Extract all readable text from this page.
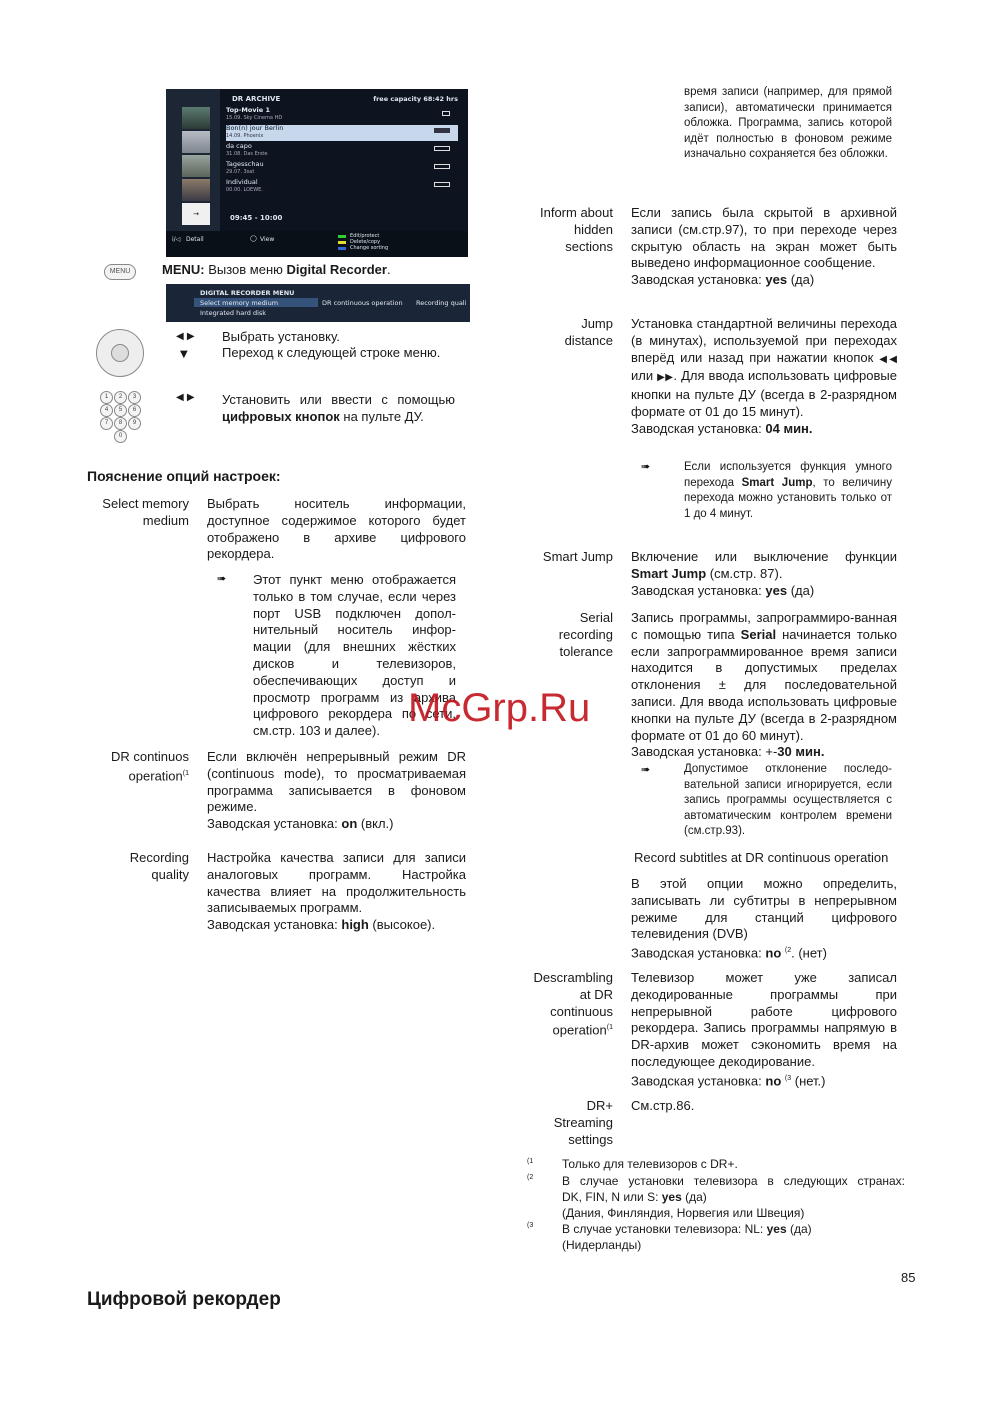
→
DR ARCHIVE	free capacity 68:42 hrs
Top-Movie 1
15.09. Sky Cinema HD
Bon(n) jour Berlin
14.09. Phoenix
da capo
31.08. Das Erste
Tagesschau
29.07. 3sat
Individual
00.00. LOEWE.
09:45 - 10:00
i/◁ Detail	◯ View	Edit/protect
Delete/copy
Change sorting
MENU	MENU: Вызов меню Digital Recorder.
DIGITAL RECORDER MENU
Select memory medium
Integrated hard disk
DR continuous operation Recording quali
◀ ▶
▼
Выбрать установку.
Переход к следующей строке меню.
1	2	3
4	5	6
7	8	9
0
◀ ▶ Установить или ввести с помощью
цифровых кнопок на пульте ДУ.
Пояснение опций настроек:
Select memory
medium
Выбрать носитель информации, доступное содержимое которого будет отображено в архиве цифрового рекордера.
➠ Этот пункт меню отображается только в том случае, если через порт USB подключен допол-нительный носитель инфор-мации (для внешних жёстких дисков и телевизоров, обеспечивающих доступ и просмотр программ из архива цифрового рекордера по сети, см.стр. 103 и далее).
DR continuos
operation$^{(1}$
Если включён непрерывный режим DR (continuous mode), то просматриваемая программа записывается в фоновом режиме.
Заводская установка: on (вкл.)
Recording
quality
Настройка качества записи для записи аналоговых программ. Настройка качества влияет на продолжительность записываемых программ.
Заводская установка: high (высокое).
время записи (например, для прямой записи), автоматически принимается обложка. Программа, запись которой идёт полностью в фоновом режиме изначально сохраняется без обложки.
Inform about
hidden
sections
Если запись была скрытой в архивной записи (см.стр.97), то при переходе через скрытую область на экран может быть выведено информационное сообщение.
Заводская установка: yes (да)
Jump
distance
Установка стандартной величины перехода (в минутах), используемой при переходах вперёд или назад при нажатии кнопок ◀◀ или ▶▶. Для ввода использовать цифровые кнопки на пульте ДУ (всегда в 2-разрядном формате от 01 до 15 минут).
Заводская установка: 04 мин.
➠	Если используется функция умного перехода Smart Jump, то величину перехода можно установить только от 1 до 4 минут.
Smart Jump Включение или выключение функции Smart Jump (см.стр. 87).
Заводская установка: yes (да)
Serial
recording
tolerance
Запись программы, запрограммиро-ванная с помощью типа Serial начинается только если запрограммированное время записи находится в допустимых пределах отклонения ± для последовательной записи. Для ввода использовать цифровые кнопки на пульте ДУ (всегда в 2-разрядном формате от 01 до 60 минут).
Заводская установка: +-30 мин.
➠	Допустимое отклонение последо-вательной записи игнорируется, если запись программы осуществляется с автоматическим контролем времени (см.стр.93).
Record subtitles at DR continuous operation
В этой опции можно определить, записывать ли субтитры в непрерывном режиме для станций цифрового телевидения (DVB)
Заводская установка: no $^{(2}$. (нет)
Descrambling
at DR
continuous
operation$^{(1}$
Телевизор может уже записал декодированные программы при непрерывной работе цифрового рекордера. Запись программы напрямую в DR-архив может сэкономить время на последующее декодирование.
Заводская установка: no $^{(3}$ (нет.)
DR+
Streaming
settings
См.стр.86.
(1 Только для телевизоров с DR+.
(2 В случае установки телевизора в следующих странах:
DK, FIN, N или S: yes (да)
(Дания, Финляндия, Норвегия или Швеция)
(3 В случае установки телевизора: NL: yes (да)
(Нидерланды)
85
Цифровой рекордер
McGrp.Ru
